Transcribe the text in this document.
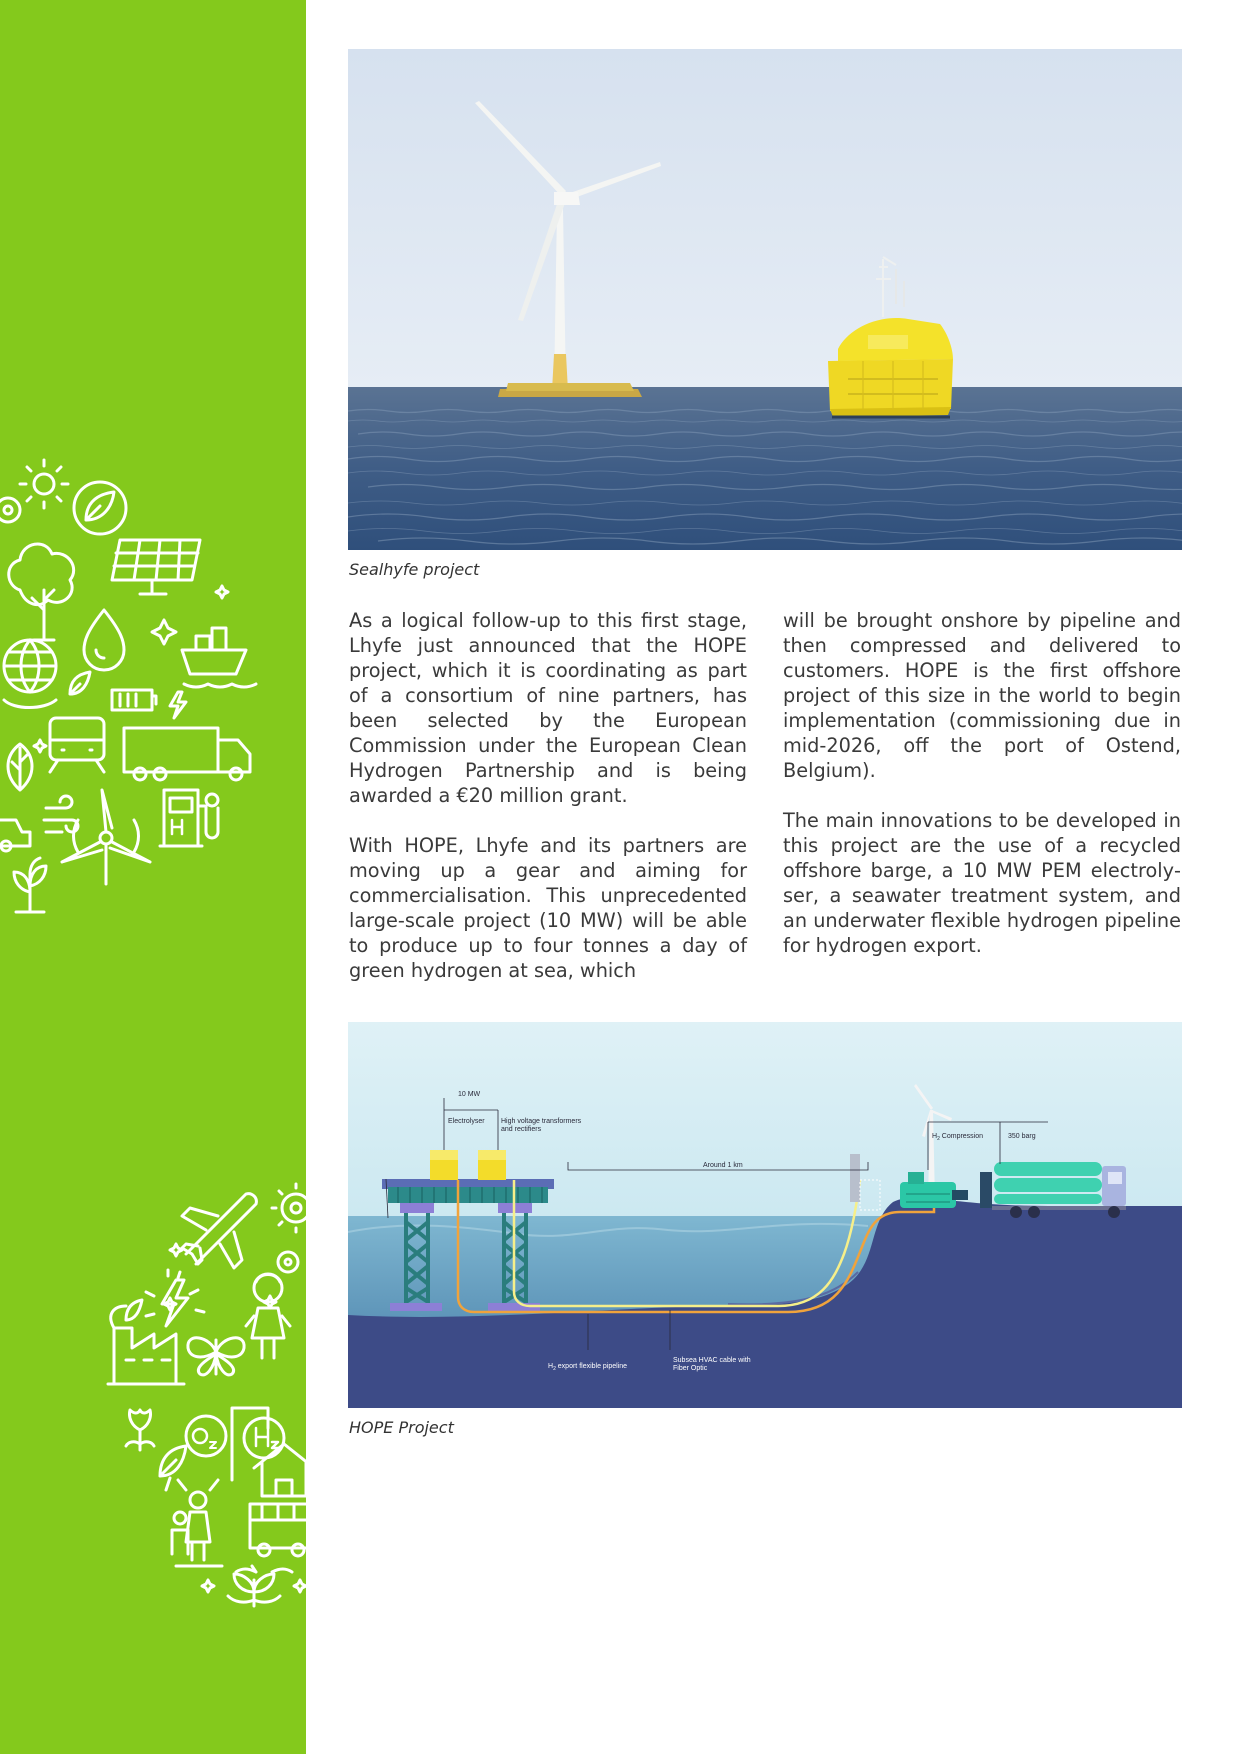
Sealhyfe project

As a logical follow-up to this first stage, Lhyfe just announced that the HOPE project, which it is coordinating as part of a consortium of nine partners, has been selected by the European Commission under the European Clean Hydrogen Partnership and is being awarded a €20 million grant.

With HOPE, Lhyfe and its partners are moving up a gear and aiming for commercialisation. This unprecedented large-scale project (10 MW) will be able to produce up to four tonnes a day of green hydrogen at sea, which

will be brought onshore by pipeline and then compressed and delivered to customers. HOPE is the first offshore project of this size in the world to begin implementation (commissioning due in mid-2026, off the port of Ostend, Belgium).

The main innovations to be developed in this project are the use of a recycled offshore barge, a 10 MW PEM electrolyser, a seawater treatment system, and an underwater flexible hydrogen pipeline for hydrogen export.

10 MW
Electrolyser High voltage transformers
and rectifiers
Around 1 km
$H_2$ Compression	350 barg
$H_2$ export flexible pipeline
Subsea HVAC cable with
Fiber Optic
HOPE Project
